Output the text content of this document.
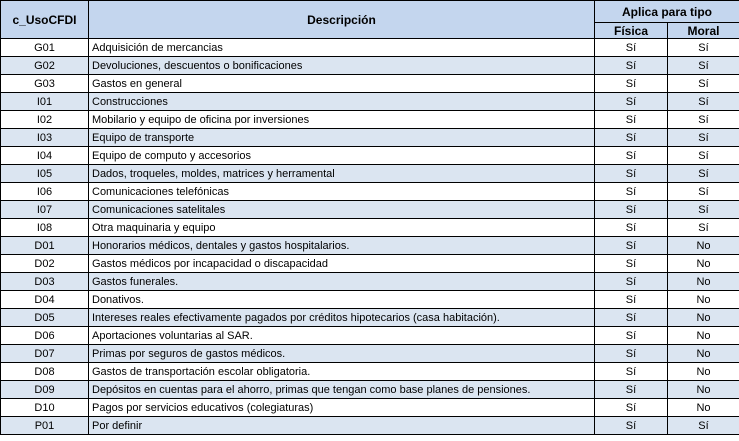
c_UsoCFDI	Descripción	Aplica para tipo	
		Física	Moral
G01	Adquisición de mercancias	Sí	Sí
G02	Devoluciones, descuentos o bonificaciones	Sí	Sí
G03	Gastos en general	Sí	Sí
I01	Construcciones	Sí	Sí
I02	Mobilario y equipo de oficina por inversiones	Sí	Sí
I03	Equipo de transporte	Sí	Sí
I04	Equipo de computo y accesorios	Sí	Sí
I05	Dados, troqueles, moldes, matrices y herramental	Sí	Sí
I06	Comunicaciones telefónicas	Sí	Sí
I07	Comunicaciones satelitales	Sí	Sí
I08	Otra maquinaria y equipo	Sí	Sí
D01	Honorarios médicos, dentales y gastos hospitalarios.	Sí	No
D02	Gastos médicos por incapacidad o discapacidad	Sí	No
D03	Gastos funerales.	Sí	No
D04	Donativos.	Sí	No
D05	Intereses reales efectivamente pagados por créditos hipotecarios (casa habitación).	Sí	No
D06	Aportaciones voluntarias al SAR.	Sí	No
D07	Primas por seguros de gastos médicos.	Sí	No
D08	Gastos de transportación escolar obligatoria.	Sí	No
D09	Depósitos en cuentas para el ahorro, primas que tengan como base planes de pensiones.	Sí	No
D10	Pagos por servicios educativos (colegiaturas)	Sí	No
P01	Por definir	Sí	Sí
